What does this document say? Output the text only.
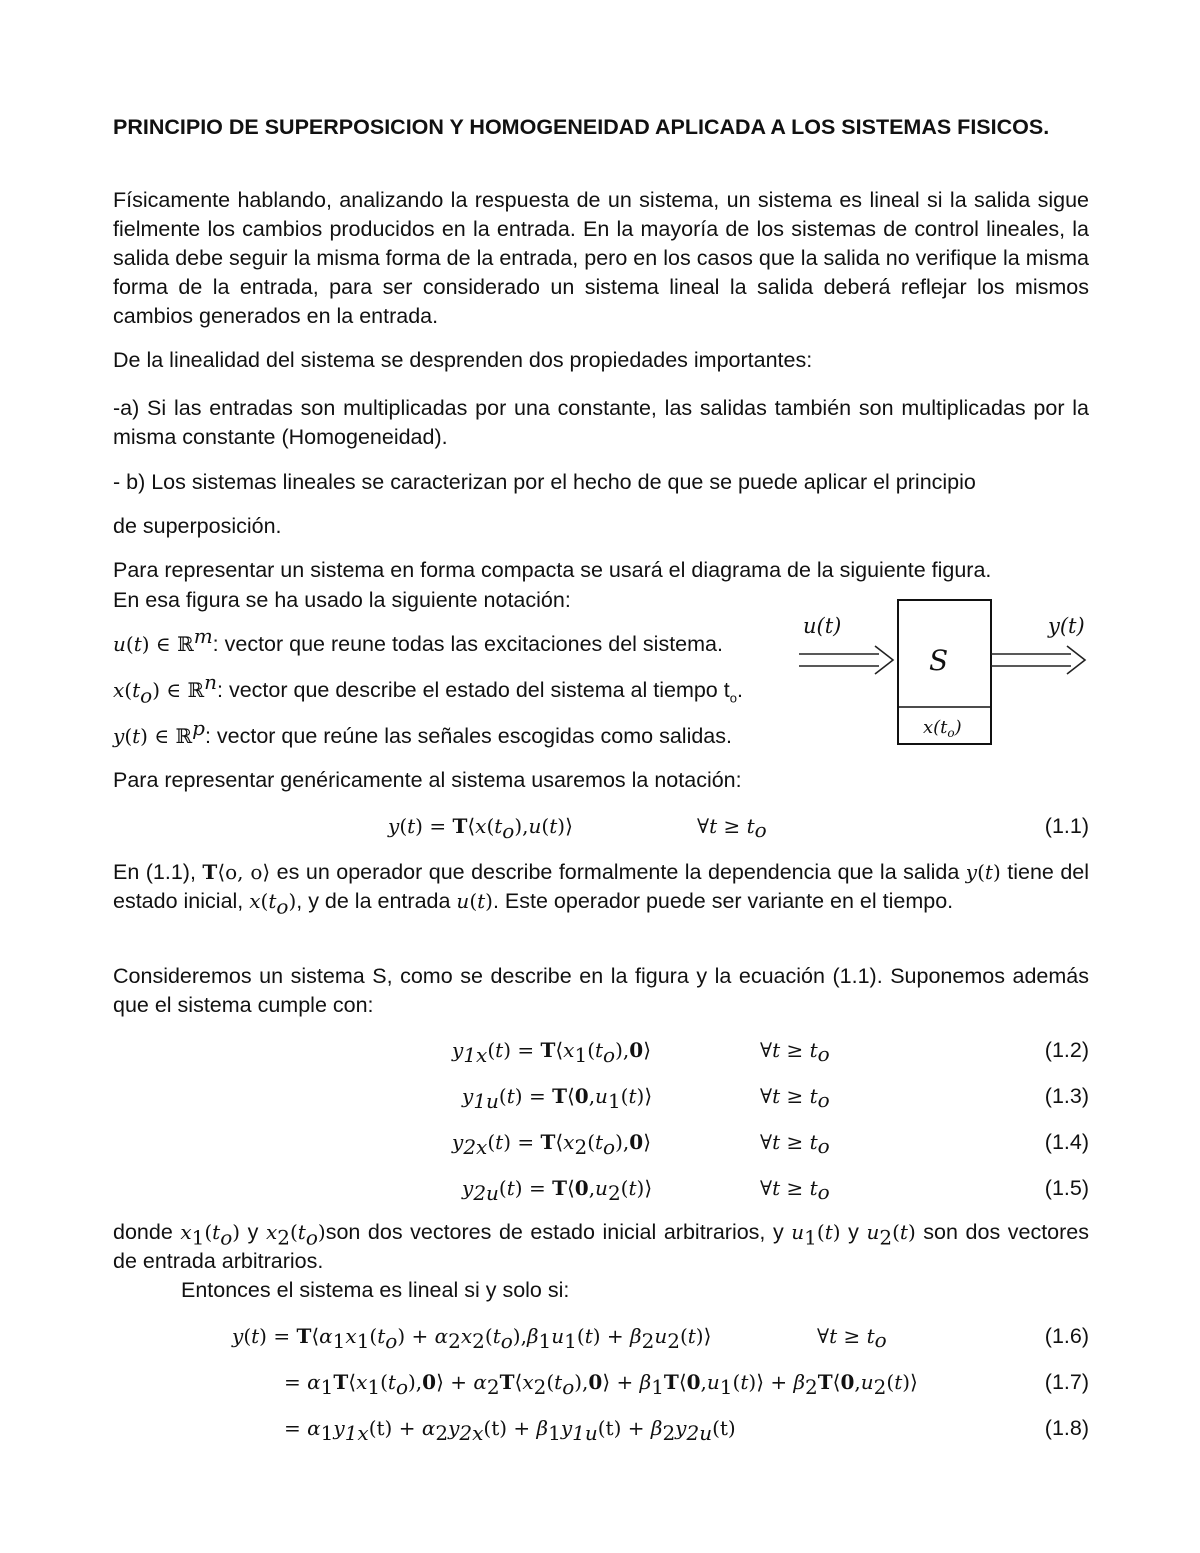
PRINCIPIO DE SUPERPOSICION Y HOMOGENEIDAD APLICADA A LOS SISTEMAS FISICOS.
Físicamente hablando, analizando la respuesta de un sistema, un sistema es lineal si la salida sigue fielmente los cambios producidos en la entrada. En la mayoría de los sistemas de control lineales, la salida debe seguir la misma forma de la entrada, pero en los casos que la salida no verifique la misma forma de la entrada, para ser considerado un sistema lineal la salida deberá reflejar los mismos cambios generados en la entrada.
De la linealidad del sistema se desprenden dos propiedades importantes:
-a) Si las entradas son multiplicadas por una constante, las salidas también son multiplicadas por la misma constante (Homogeneidad).
- b) Los sistemas lineales se caracterizan por el hecho de que se puede aplicar el principio
de superposición.
Para representar un sistema en forma compacta se usará el diagrama de la siguiente figura.
En esa figura se ha usado la siguiente notación:
u(t) ∈ ℝ$^m$: vector que reune todas las excitaciones del sistema.
$x(t_o)$ ∈ ℝ$^n$: vector que describe el estado del sistema al tiempo $t_o$.
y(t) ∈ ℝ$^p$: vector que reúne las señales escogidas como salidas.
u(t)	y(t)
S
$x(t_o)$
Para representar genéricamente al sistema usaremos la notación:
$y(t) = T⟨x(t_o),u(t)⟩$	∀t ≥ $t_o$	(1.1)
En (1.1), T⟨o, o⟩ es un operador que describe formalmente la dependencia que la salida y(t) tiene del estado inicial, $x(t_o)$, y de la entrada u(t). Este operador puede ser variante en el tiempo.
Consideremos un sistema S, como se describe en la figura y la ecuación (1.1). Suponemos además que el sistema cumple con:
$y_{1x}(t)$ = $T⟨x_1(t_o),0⟩$	∀t ≥ $t_o$	(1.2)
$y_{1u}(t)$ = $T⟨0,u_1(t)⟩$	∀t ≥ $t_o$	(1.3)
$y_{2x}(t)$ = $T⟨x_2(t_o),0⟩$	∀t ≥ $t_o$	(1.4)
$y_{2u}(t)$ = $T⟨0,u_2(t)⟩$	∀t ≥ $t_o$	(1.5)
donde $x_1(t_o)$ y $x_2(t_o)son$ dos vectores de estado inicial arbitrarios, y $u_1(t)$ y $u_2(t)$ son dos vectores de entrada arbitrarios.
Entonces el sistema es lineal si y solo si:
$y(t) = T⟨\alpha_1x_1(t_o) + \alpha_2x_2(t_o),\beta_1u_1(t)$ + $\beta_2u_2(t)⟩$	∀t ≥ $t_o$	(1.6)
= $\alpha_1T⟨x_1(t_o),0⟩$ + $\alpha_2T⟨x_2(t_o),0⟩$ + $\beta_1T⟨0,u_1(t)⟩$ + $\beta_2T⟨0,u_2(t)⟩$	(1.7)
= $\alpha_1y_{1x}(t) + \alpha_2y_{2x}(t) + \beta_1y_{1u}(t) + \beta_2y_{2u}(t)$	(1.8)
